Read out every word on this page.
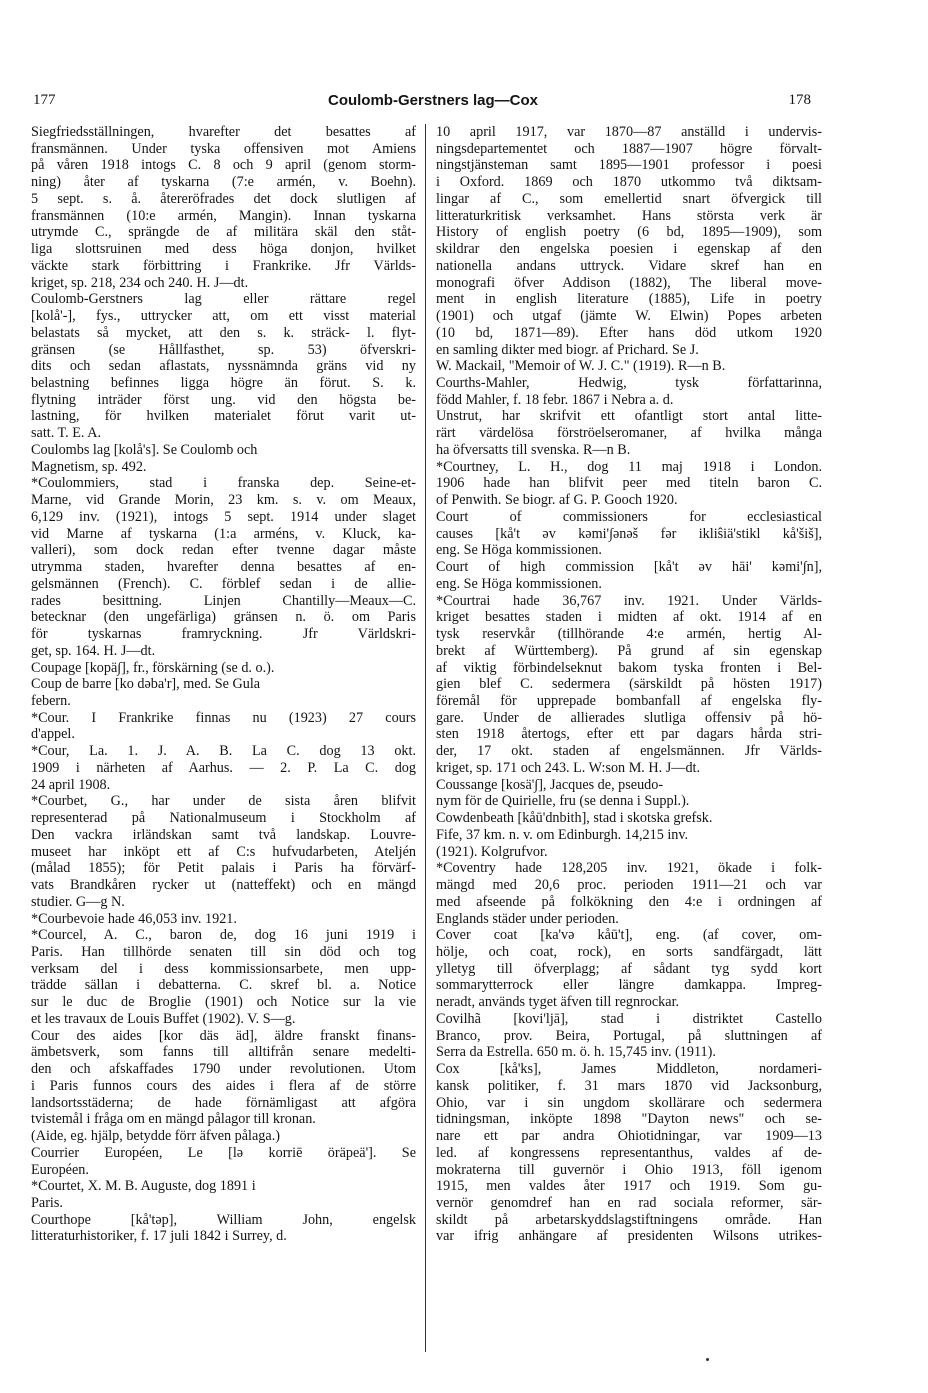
177	Coulomb-Gerstners lag—Cox	178
Siegfriedsställningen, hvarefter det besattes af
fransmännen. Under tyska offensiven mot Amiens
på våren 1918 intogs C. 8 och 9 april (genom storm-
ning) åter af tyskarna (7:e armén, v. Boehn).
5 sept. s. å. återeröfrades det dock slutligen af
fransmännen (10:e armén, Mangin). Innan tyskarna
utrymde C., sprängde de af militära skäl den ståt-
liga slottsruinen med dess höga donjon, hvilket
väckte stark förbittring i Frankrike. Jfr Världs-
kriget, sp. 218, 234 och 240. H. J—dt.
Coulomb-Gerstners lag eller rättare regel
[kolå'-], fys., uttrycker att, om ett visst material
belastats så mycket, att den s. k. sträck- l. flyt-
gränsen (se Hållfasthet, sp. 53) öfverskri-
dits och sedan aflastats, nyssnämnda gräns vid ny
belastning befinnes ligga högre än förut. S. k.
flytning inträder först ung. vid den högsta be-
lastning, för hvilken materialet förut varit ut-
satt. T. E. A.
Coulombs lag [kolå's]. Se Coulomb och
Magnetism, sp. 492.
*Coulommiers, stad i franska dep. Seine-et-
Marne, vid Grande Morin, 23 km. s. v. om Meaux,
6,129 inv. (1921), intogs 5 sept. 1914 under slaget
vid Marne af tyskarna (1:a arméns, v. Kluck, ka-
valleri), som dock redan efter tvenne dagar måste
utrymma staden, hvarefter denna besattes af en-
gelsmännen (French). C. förblef sedan i de allie-
rades besittning. Linjen Chantilly—Meaux—C.
betecknar (den ungefärliga) gränsen n. ö. om Paris
för tyskarnas framryckning. Jfr Världskri-
get, sp. 164. H. J—dt.
Coupage [kopä∫], fr., förskärning (se d. o.).
Coup de barre [ko dəba'r], med. Se Gula
febern.
*Cour. I Frankrike finnas nu (1923) 27 cours
d'appel.
*Cour, La. 1. J. A. B. La C. dog 13 okt.
1909 i närheten af Aarhus. — 2. P. La C. dog
24 april 1908.
*Courbet, G., har under de sista åren blifvit
representerad på Nationalmuseum i Stockholm af
Den vackra irländskan samt två landskap. Louvre-
museet har inköpt ett af C:s hufvudarbeten, Ateljén
(målad 1855); för Petit palais i Paris ha förvärf-
vats Brandkåren rycker ut (natteffekt) och en mängd
studier. G—g N.
*Courbevoie hade 46,053 inv. 1921.
*Courcel, A. C., baron de, dog 16 juni 1919 i
Paris. Han tillhörde senaten till sin död och tog
verksam del i dess kommissionsarbete, men upp-
trädde sällan i debatterna. C. skref bl. a. Notice
sur le duc de Broglie (1901) och Notice sur la vie
et les travaux de Louis Buffet (1902). V. S—g.
Cour des aides [kor däs äd], äldre franskt finans-
ämbetsverk, som fanns till alltifrån senare medelti-
den och afskaffades 1790 under revolutionen. Utom
i Paris funnos cours des aides i flera af de större
landsortsstäderna; de hade förnämligast att afgöra
tvistemål i fråga om en mängd pålagor till kronan.
(Aide, eg. hjälp, betydde förr äfven pålaga.)
Courrier Européen, Le [lə korriē öräpeä']. Se
Européen.
*Courtet, X. M. B. Auguste, dog 1891 i
Paris.
Courthope [kå'təp], William John, engelsk
litteraturhistoriker, f. 17 juli 1842 i Surrey, d.
10 april 1917, var 1870—87 anställd i undervis-
ningsdepartementet och 1887—1907 högre förvalt-
ningstjänsteman samt 1895—1901 professor i poesi
i Oxford. 1869 och 1870 utkommo två diktsam-
lingar af C., som emellertid snart öfvergick till
litteraturkritisk verksamhet. Hans största verk är
History of english poetry (6 bd, 1895—1909), som
skildrar den engelska poesien i egenskap af den
nationella andans uttryck. Vidare skref han en
monografi öfver Addison (1882), The liberal move-
ment in english literature (1885), Life in poetry
(1901) och utgaf (jämte W. Elwin) Popes arbeten
(10 bd, 1871—89). Efter hans död utkom 1920
en samling dikter med biogr. af Prichard. Se J.
W. Mackail, "Memoir of W. J. C." (1919). R—n B.
Courths-Mahler, Hedwig, tysk författarinna,
född Mahler, f. 18 febr. 1867 i Nebra a. d.
Unstrut, har skrifvit ett ofantligt stort antal litte-
rärt värdelösa förströelseromaner, af hvilka många
ha öfversatts till svenska. R—n B.
*Courtney, L. H., dog 11 maj 1918 i London.
1906 hade han blifvit peer med titeln baron C.
of Penwith. Se biogr. af G. P. Gooch 1920.
Court of commissioners for ecclesiastical
causes [kå't əv kəmi'∫ənəš fər ikliŝiä'stikl kå'šiš],
eng. Se Höga kommissionen.
Court of high commission [kå't əv hāi' kəmi'∫n],
eng. Se Höga kommissionen.
*Courtrai hade 36,767 inv. 1921. Under Världs-
kriget besattes staden i midten af okt. 1914 af en
tysk reservkår (tillhörande 4:e armén, hertig Al-
brekt af Württemberg). På grund af sin egenskap
af viktig förbindelseknut bakom tyska fronten i Bel-
gien blef C. sedermera (särskildt på hösten 1917)
föremål för upprepade bombanfall af engelska fly-
gare. Under de allierades slutliga offensiv på hö-
sten 1918 återtogs, efter ett par dagars hårda stri-
der, 17 okt. staden af engelsmännen. Jfr Världs-
kriget, sp. 171 och 243. L. W:son M. H. J—dt.
Coussange [kosä'∫], Jacques de, pseudo-
nym för de Quirielle, fru (se denna i Suppl.).
Cowdenbeath [kåū'dnbith], stad i skotska grefsk.
Fife, 37 km. n. v. om Edinburgh. 14,215 inv.
(1921). Kolgrufvor.
*Coventry hade 128,205 inv. 1921, ökade i folk-
mängd med 20,6 proc. perioden 1911—21 och var
med afseende på folkökning den 4:e i ordningen af
Englands städer under perioden.
Cover coat [ka'və kåū't], eng. (af cover, om-
hölje, och coat, rock), en sorts sandfärgadt, lätt
ylletyg till öfverplagg; af sådant tyg sydd kort
sommarytterrock eller längre damkappa. Impreg-
neradt, används tyget äfven till regnrockar.
Covilhã [kovi'ljā], stad i distriktet Castello
Branco, prov. Beira, Portugal, på sluttningen af
Serra da Estrella. 650 m. ö. h. 15,745 inv. (1911).
Cox [kå'ks], James Middleton, nordameri-
kansk politiker, f. 31 mars 1870 vid Jacksonburg,
Ohio, var i sin ungdom skollärare och sedermera
tidningsman, inköpte 1898 "Dayton news" och se-
nare ett par andra Ohiotidningar, var 1909—13
led. af kongressens representanthus, valdes af de-
mokraterna till guvernör i Ohio 1913, föll igenom
1915, men valdes åter 1917 och 1919. Som gu-
vernör genomdref han en rad sociala reformer, sär-
skildt på arbetarskyddslagstiftningens område. Han
var ifrig anhängare af presidenten Wilsons utrikes-
